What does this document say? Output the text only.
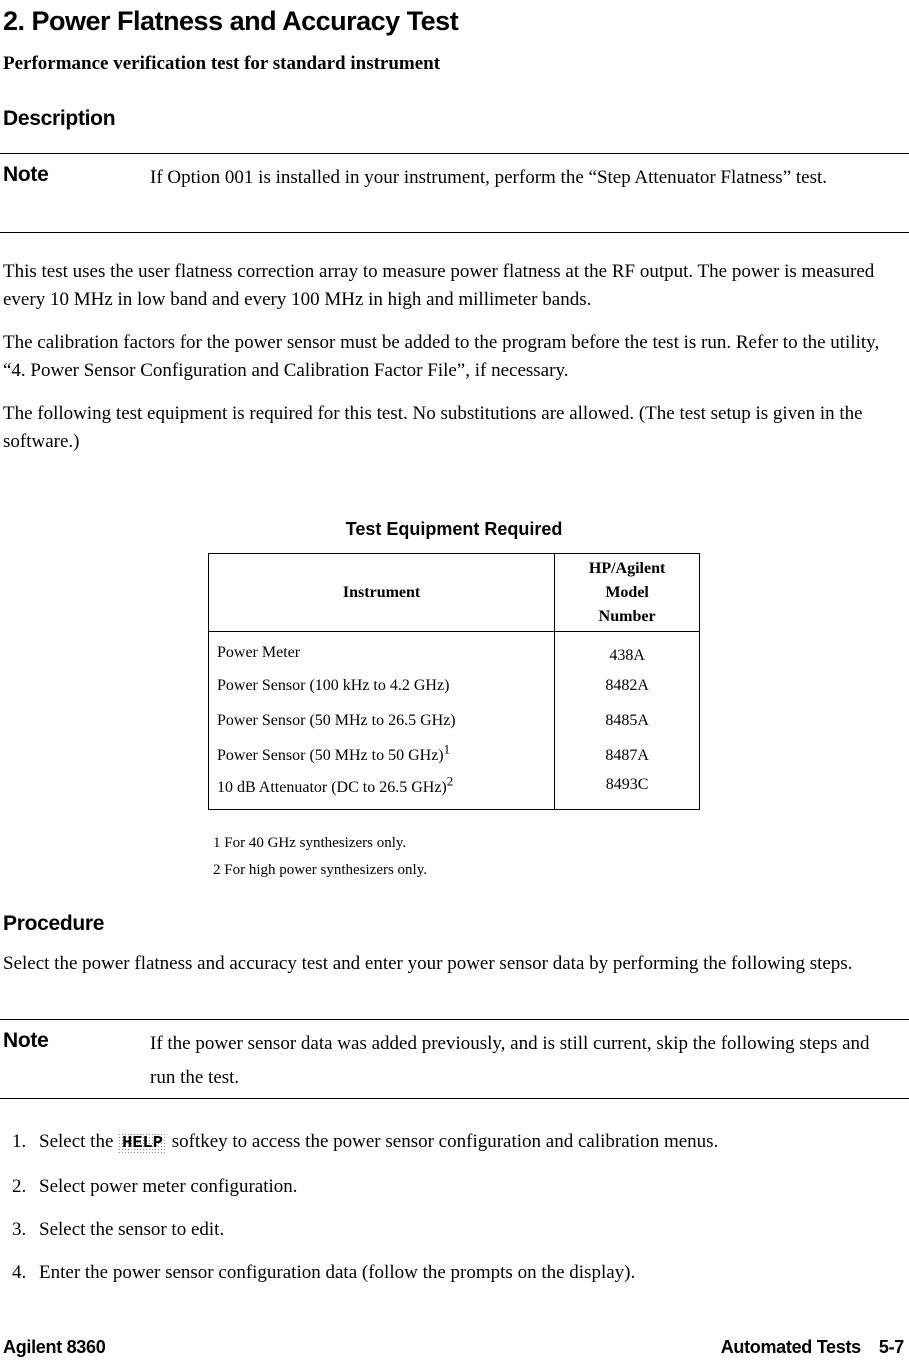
2. Power Flatness and Accuracy Test
Performance verification test for standard instrument
Description
Note	If Option 001 is installed in your instrument, perform the “Step Attenuator Flatness” test.

This test uses the user flatness correction array to measure power flatness at the RF output. The power is measured every 10 MHz in low band and every 100 MHz in high and millimeter bands.

The calibration factors for the power sensor must be added to the program before the test is run. Refer to the utility, “4. Power Sensor Configuration and Calibration Factor File”, if necessary.

The following test equipment is required for this test. No substitutions are allowed. (The test setup is given in the software.)

Test Equipment Required
Instrument	HP/Agilent
Model
Number

Power Meter	438A
Power Sensor (100 kHz to 4.2 GHz)	8482A
Power Sensor (50 MHz to 26.5 GHz)	8485A
Power Sensor (50 MHz to 50 GHz)$^1$	8487A
10 dB Attenuator (DC to 26.5 GHz)$^2$	8493C
1 For 40 GHz synthesizers only.
2 For high power synthesizers only.
Procedure
Select the power flatness and accuracy test and enter your power sensor data by performing the following steps.
Note	If the power sensor data was added previously, and is still current, skip the following steps and run the test.
1. Select the HELP softkey to access the power sensor configuration and calibration menus.
2. Select power meter configuration.
3. Select the sensor to edit.
4. Enter the power sensor configuration data (follow the prompts on the display).
Agilent 8360	Automated Tests 5-7
